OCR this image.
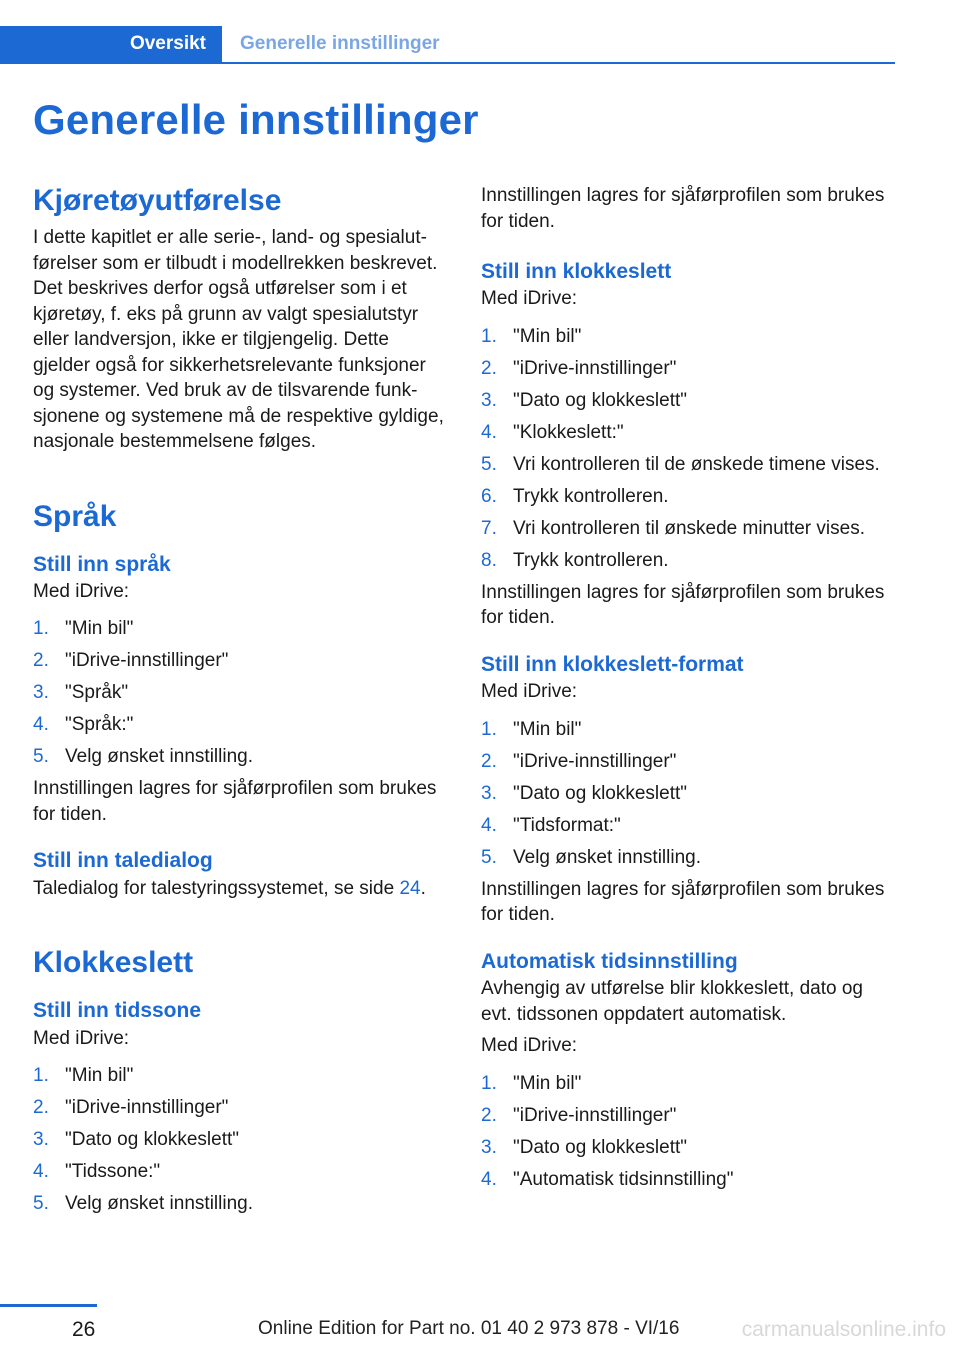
Oversikt	Generelle innstillinger
Generelle innstillinger
Kjøretøyutførelse

I dette kapitlet er alle serie-, land- og spesialutførelser som er tilbudt i modellrekken beskrevet. Det beskrives derfor også utførelser som i et kjøretøy, f. eks på grunn av valgt spesialutstyr eller landversjon, ikke er tilgjengelig. Dette gjelder også for sikkerhetsrelevante funksjoner og systemer. Ved bruk av de tilsvarende funksjonene og systemene må de respektive gyldige, nasjonale bestemmelsene følges.

Språk
Still inn språk

Med iDrive:

1. "Min bil"
2. "iDrive-innstillinger"
3. "Språk"
4. "Språk:"
5. Velg ønsket innstilling.

Innstillingen lagres for sjåførprofilen som brukes for tiden.

Still inn taledialog

Taledialog for talestyringssystemet, se side 24.

Klokkeslett
Still inn tidssone

Med iDrive:

1. "Min bil"
2. "iDrive-innstillinger"
3. "Dato og klokkeslett"
4. "Tidssone:"
5. Velg ønsket innstilling.

Innstillingen lagres for sjåførprofilen som brukes for tiden.

Still inn klokkeslett

Med iDrive:

1. "Min bil"
2. "iDrive-innstillinger"
3. "Dato og klokkeslett"
4. "Klokkeslett:"
5. Vri kontrolleren til de ønskede timene vises.
6. Trykk kontrolleren.
7. Vri kontrolleren til ønskede minutter vises.
8. Trykk kontrolleren.

Innstillingen lagres for sjåførprofilen som brukes for tiden.

Still inn klokkeslett-format

Med iDrive:

1. "Min bil"
2. "iDrive-innstillinger"
3. "Dato og klokkeslett"
4. "Tidsformat:"
5. Velg ønsket innstilling.

Innstillingen lagres for sjåførprofilen som brukes for tiden.

Automatisk tidsinnstilling

Avhengig av utførelse blir klokkeslett, dato og evt. tidssonen oppdatert automatisk.

Med iDrive:

1. "Min bil"
2. "iDrive-innstillinger"
3. "Dato og klokkeslett"
4. "Automatisk tidsinnstilling"
26	Online Edition for Part no. 01 40 2 973 878 - VI/16	carmanualsonline.info
